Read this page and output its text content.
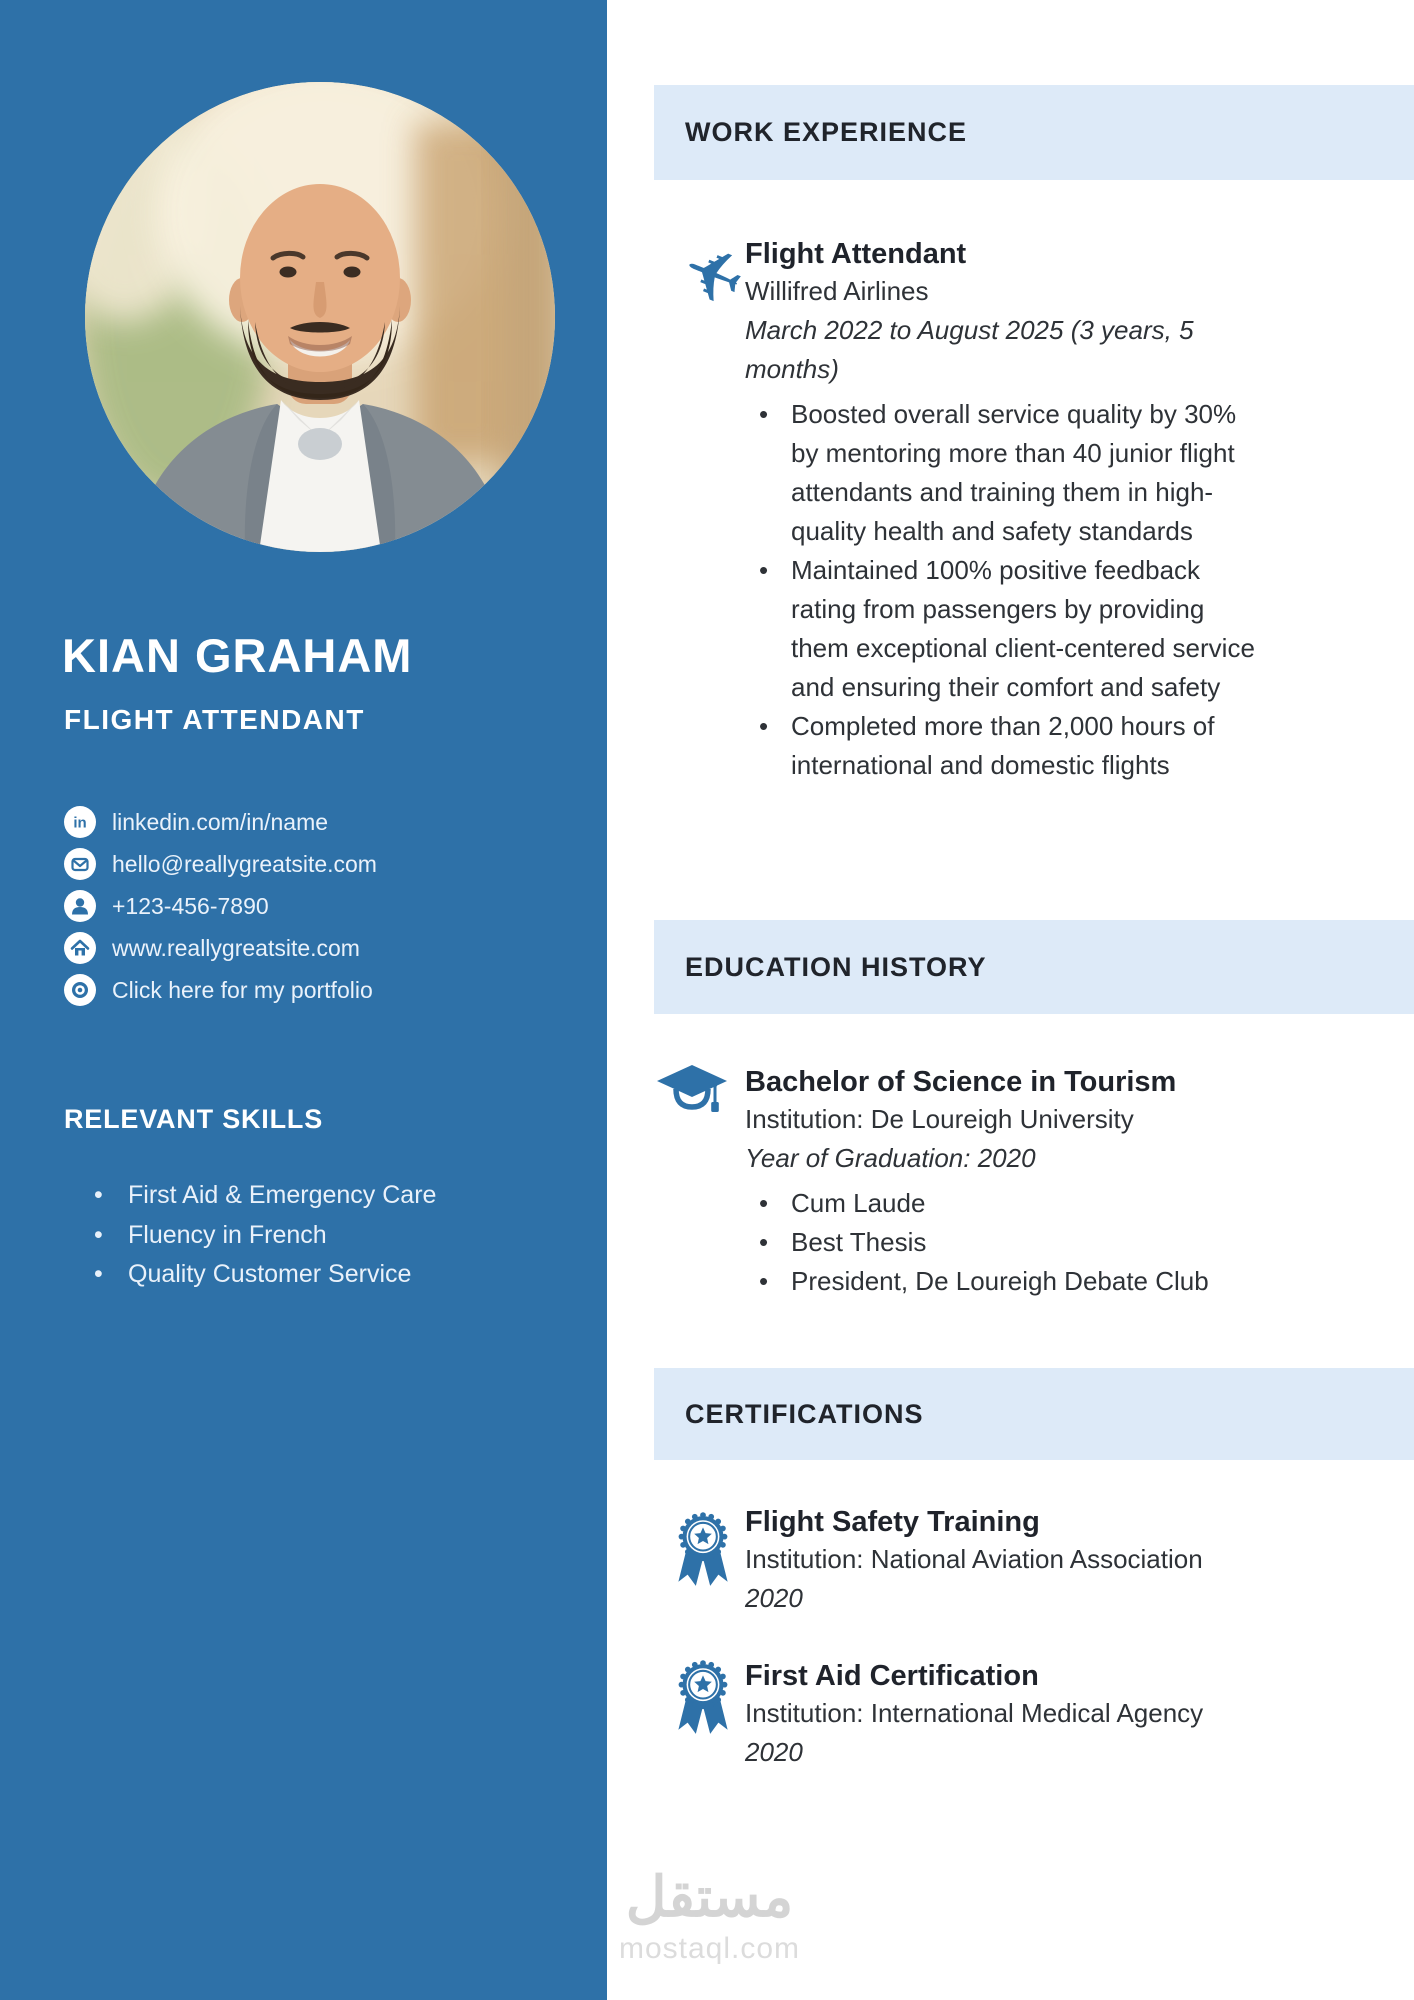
KIAN GRAHAM
FLIGHT ATTENDANT
in linkedin.com/in/name
hello@reallygreatsite.com
+123-456-7890
www.reallygreatsite.com
Click here for my portfolio
RELEVANT SKILLS
• First Aid & Emergency Care
• Fluency in French
• Quality Customer Service
WORK EXPERIENCE
✈
Flight Attendant
Willifred Airlines
March 2022 to August 2025 (3 years, 5 months)
• Boosted overall service quality by 30% by mentoring more than 40 junior flight attendants and training them in high-quality health and safety standards
• Maintained 100% positive feedback rating from passengers by providing them exceptional client-centered service and ensuring their comfort and safety
• Completed more than 2,000 hours of international and domestic flights
EDUCATION HISTORY
Bachelor of Science in Tourism
Institution: De Loureigh University
Year of Graduation: 2020
• Cum Laude
• Best Thesis
• President, De Loureigh Debate Club
CERTIFICATIONS
Flight Safety Training
Institution: National Aviation Association
2020
First Aid Certification
Institution: International Medical Agency
2020
مستقل
mostaql.com
